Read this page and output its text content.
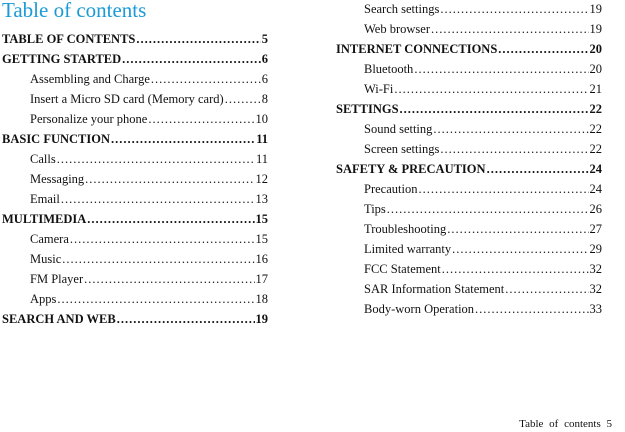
Table of contents
TABLE OF CONTENTS .....	5
GETTING STARTED .....	6
Assembling and Charge .....	6
Insert a Micro SD card (Memory card) .....	8
Personalize your phone .....	10
BASIC FUNCTION .....	11
Calls .....	11
Messaging .....	12
Email .....	13
MULTIMEDIA .....	15
Camera .....	15
Music .....	16
FM Player .....	17
Apps .....	18
SEARCH AND WEB .....	19
Search settings .....	19
Web browser .....	19
INTERNET CONNECTIONS .....	20
Bluetooth .....	20
Wi-Fi .....	21
SETTINGS .....	22
Sound setting .....	22
Screen settings .....	22
SAFETY & PRECAUTION .....	24
Precaution .....	24
Tips .....	26
Troubleshooting .....	27
Limited warranty .....	29
FCC Statement .....	32
SAR Information Statement .....	32
Body-worn Operation .....	33
Table of contents 5
